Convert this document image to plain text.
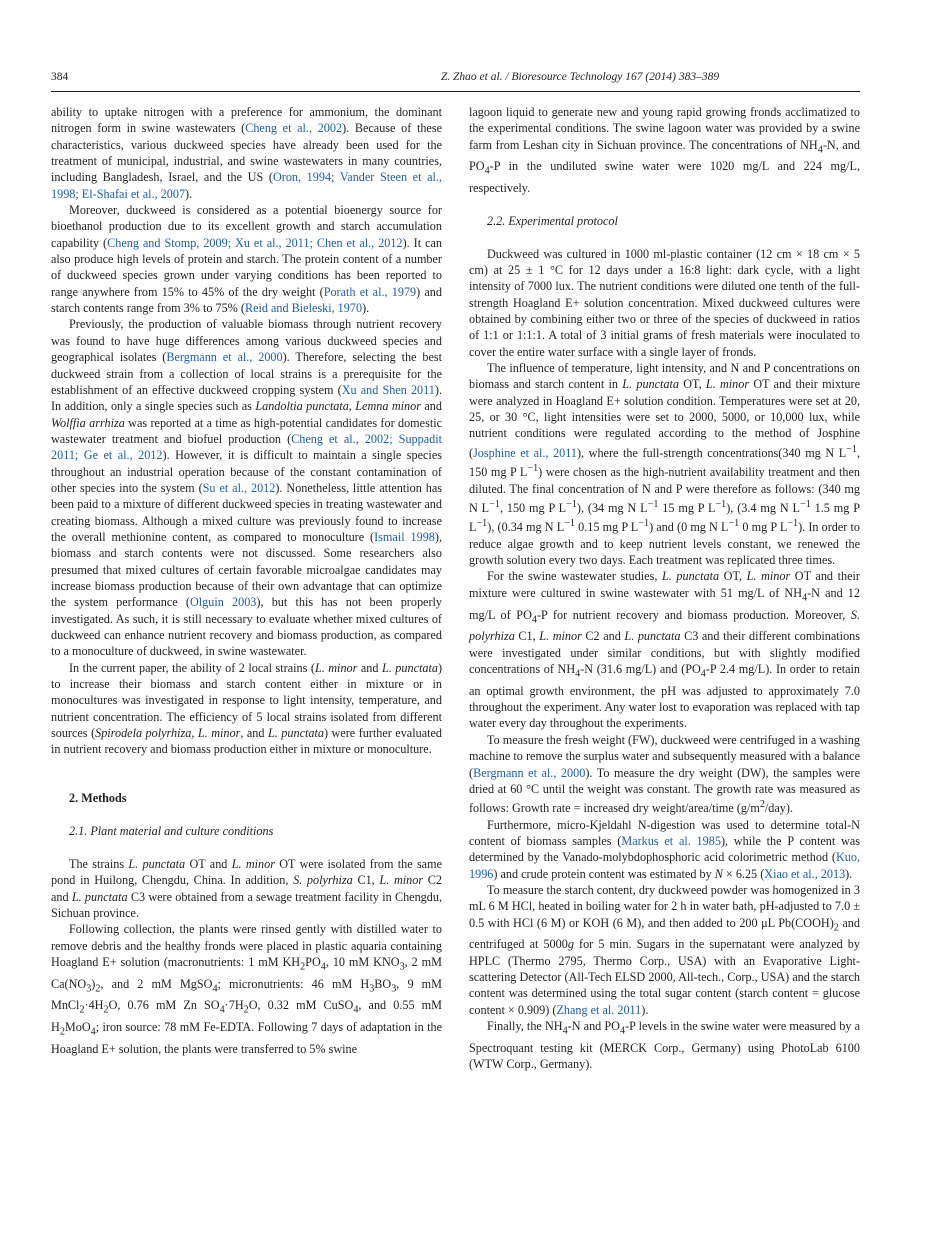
384	Z. Zhao et al. / Bioresource Technology 167 (2014) 383–389

ability to uptake nitrogen with a preference for ammonium, the dominant nitrogen form in swine wastewaters (Cheng et al., 2002). Because of these characteristics, various duckweed species have already been used for the treatment of municipal, industrial, and swine wastewaters in many countries, including Bangladesh, Israel, and the US (Oron, 1994; Vander Steen et al., 1998; El-Shafai et al., 2007).

Moreover, duckweed is considered as a potential bioenergy source for bioethanol production due to its excellent growth and starch accumulation capability (Cheng and Stomp, 2009; Xu et al., 2011; Chen et al., 2012). It can also produce high levels of protein and starch. The protein content of a number of duckweed species grown under varying conditions has been reported to range anywhere from 15% to 45% of the dry weight (Porath et al., 1979) and starch contents range from 3% to 75% (Reid and Bieleski, 1970).

Previously, the production of valuable biomass through nutrient recovery was found to have huge differences among various duckweed species and geographical isolates (Bergmann et al., 2000). Therefore, selecting the best duckweed strain from a collection of local strains is a prerequisite for the establishment of an effective duckweed cropping system (Xu and Shen 2011). In addition, only a single species such as Landoltia punctata, Lemna minor and Wolffia arrhiza was reported at a time as high-potential candidates for domestic wastewater treatment and biofuel production (Cheng et al., 2002; Suppadit 2011; Ge et al., 2012). However, it is difficult to maintain a single species throughout an industrial operation because of the constant contamination of other species into the system (Su et al., 2012). Nonetheless, little attention has been paid to a mixture of different duckweed species in treating wastewater and creating biomass. Although a mixed culture was previously found to increase the overall methionine content, as compared to monoculture (Ismail 1998), biomass and starch contents were not discussed. Some researchers also presumed that mixed cultures of certain favorable microalgae candidates may increase biomass production because of their own advantage that can optimize the system performance (Olguin 2003), but this has not been properly investigated. As such, it is still necessary to evaluate whether mixed cultures of duckweed can enhance nutrient recovery and biomass production, as compared to a monoculture of duckweed, in swine wastewater.

In the current paper, the ability of 2 local strains (L. minor and L. punctata) to increase their biomass and starch content either in mixture or in monocultures was investigated in response to light intensity, temperature, and nutrient concentration. The efficiency of 5 local strains isolated from different sources (Spirodela polyrhiza, L. minor, and L. punctata) were further evaluated in nutrient recovery and biomass production either in mixture or monoculture.

2. Methods

2.1. Plant material and culture conditions

The strains L. punctata OT and L. minor OT were isolated from the same pond in Huilong, Chengdu, China. In addition, S. polyrhiza C1, L. minor C2 and L. punctata C3 were obtained from a sewage treatment facility in Chengdu, Sichuan province.

Following collection, the plants were rinsed gently with distilled water to remove debris and the healthy fronds were placed in plastic aquaria containing Hoagland E+ solution (macronutrients: 1 mM $KH_2PO_4$, 10 mM $KNO_3$, 2 mM $Ca(NO_3)_2$, and 2 mM MgSO$_4$; micronutrients: 46 mM $H_3BO_3$, 9 mM $MnCl_2\cdot 4H_2O$, 0.76 mM Zn $SO_4\cdot 7H_2O$, 0.32 mM CuSO$_4$, and 0.55 mM $H_2MoO_4$; iron source: 78 mM Fe-EDTA. Following 7 days of adaptation in the Hoagland E+ solution, the plants were transferred to 5% swine

lagoon liquid to generate new and young rapid growing fronds acclimatized to the experimental conditions. The swine lagoon water was provided by a swine farm from Leshan city in Sichuan province. The concentrations of $NH_4-N$, and $PO_4-P$ in the undiluted swine water were 1020 mg/L and 224 mg/L, respectively.

2.2. Experimental protocol

Duckweed was cultured in 1000 ml-plastic container (12 cm × 18 cm × 5 cm) at 25 ± 1 °C for 12 days under a 16:8 light: dark cycle, with a light intensity of 7000 lux. The nutrient conditions were diluted one tenth of the full-strength Hoagland E+ solution concentration. Mixed duckweed cultures were obtained by combining either two or three of the species of duckweed in ratios of 1:1 or 1:1:1. A total of 3 initial grams of fresh materials were inoculated to cover the entire water surface with a single layer of fronds.

The influence of temperature, light intensity, and N and P concentrations on biomass and starch content in L. punctata OT, L. minor OT and their mixture were analyzed in Hoagland E+ solution condition. Temperatures were set at 20, 25, or 30 °C, light intensities were set to 2000, 5000, or 10,000 lux, while nutrient conditions were regulated according to the method of Josphine (Josphine et al., 2011), where the full-strength concentrations(340 mg N $L^{-1}$, 150 mg P $L^{-1}$) were chosen as the high-nutrient availability treatment and then diluted. The final concentration of N and P were therefore as follows: (340 mg N $L^{-1}$, 150 mg P $L^{-1}$), (34 mg N $L^{-1}$ 15 mg P $L^{-1}$), (3.4 mg N $L^{-1}$ 1.5 mg P $L^{-1}$), (0.34 mg N $L^{-1}$ 0.15 mg P $L^{-1}$) and (0 mg N $L^{-1}$ 0 mg P $L^{-1}$). In order to reduce algae growth and to keep nutrient levels constant, we renewed the growth solution every two days. Each treatment was replicated three times.

For the swine wastewater studies, L. punctata OT, L. minor OT and their mixture were cultured in swine wastewater with 51 mg/L of $NH_4-N$ and 12 mg/L of $PO_4-P$ for nutrient recovery and biomass production. Moreover, S. polyrhiza C1, L. minor C2 and L. punctata C3 and their different combinations were investigated under similar conditions, but with slightly modified concentrations of $NH_4-N$ (31.6 mg/L) and ($PO_4-P$ 2.4 mg/L). In order to retain an optimal growth environment, the pH was adjusted to approximately 7.0 throughout the experiment. Any water lost to evaporation was replaced with tap water every day throughout the experiments.

To measure the fresh weight (FW), duckweed were centrifuged in a washing machine to remove the surplus water and subsequently measured with a balance (Bergmann et al., 2000). To measure the dry weight (DW), the samples were dried at 60 °C until the weight was constant. The growth rate was measured as follows: Growth rate = increased dry weight/area/time $(g/m^2/day)$.

Furthermore, micro-Kjeldahl N-digestion was used to determine total-N content of biomass samples (Markus et al. 1985), while the P content was determined by the Vanado-molybdophosphoric acid colorimetric method (Kuo, 1996) and crude protein content was estimated by N × 6.25 (Xiao et al., 2013).

To measure the starch content, dry duckweed powder was homogenized in 3 mL 6 M HCl, heated in boiling water for 2 h in water bath, pH-adjusted to 7.0 ± 0.5 with HCl (6 M) or KOH (6 M), and then added to 200 μL $Pb(COOH)_2$ and centrifuged at 5000g for 5 min. Sugars in the supernatant were analyzed by HPLC (Thermo 2795, Thermo Corp., USA) with an Evaporative Light-scattering Detector (All-Tech ELSD 2000, All-tech., Corp., USA) and the starch content was determined using the total sugar content (starch content = glucose content × 0.909) (Zhang et al. 2011).

Finally, the $NH_4-N$ and $PO_4-P$ levels in the swine water were measured by a Spectroquant testing kit (MERCK Corp., Germany) using PhotoLab 6100 (WTW Corp., Germany).
